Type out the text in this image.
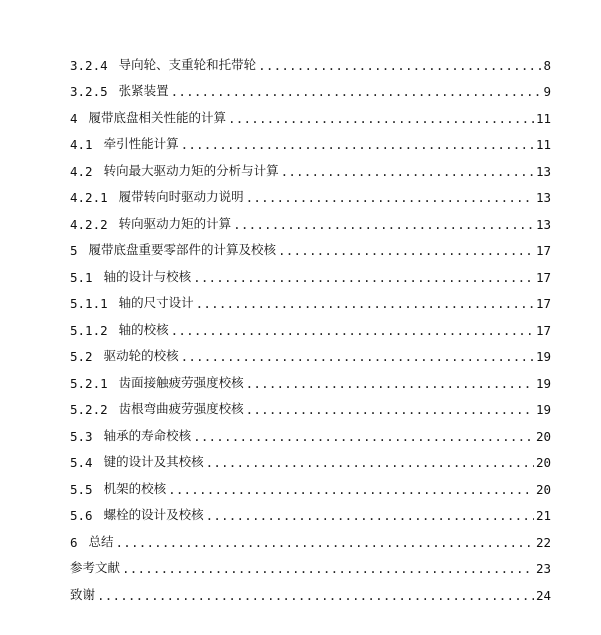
3.2.4 导向轮、支重轮和托带轮 .....	8
3.2.5 张紧装置 .....	9
4 履带底盘相关性能的计算 .....	11
4.1 牵引性能计算 .....	11
4.2 转向最大驱动力矩的分析与计算 .....	13
4.2.1 履带转向时驱动力说明 .....	13
4.2.2 转向驱动力矩的计算 .....	13
5 履带底盘重要零部件的计算及校核 .....	17
5.1 轴的设计与校核 .....	17
5.1.1 轴的尺寸设计 .....	17
5.1.2 轴的校核 .....	17
5.2 驱动轮的校核 .....	19
5.2.1 齿面接触疲劳强度校核 .....	19
5.2.2 齿根弯曲疲劳强度校核 .....	19
5.3 轴承的寿命校核 .....	20
5.4 键的设计及其校核 .....	20
5.5 机架的校核 .....	20
5.6 螺栓的设计及校核 .....	21
6 总结 .....	22
参考文献 .....	23
致谢 .....	24
